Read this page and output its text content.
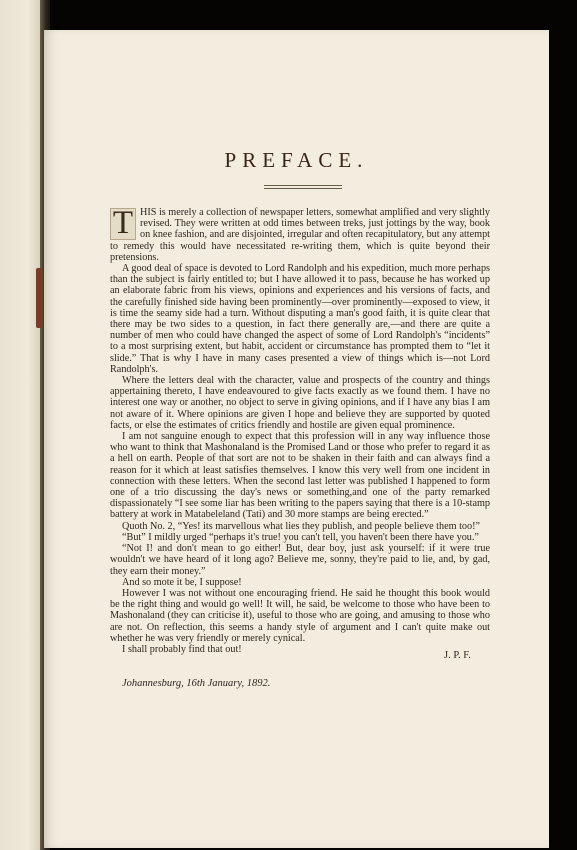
PREFACE.

T HIS is merely a collection of newspaper letters, somewhat amplified and very slightly revised. They were written at odd times between treks, just jottings by the way, book on knee fashion, and are disjointed, irregular and often recapitulatory, but any attempt to remedy this would have necessitated re-writing them, which is quite beyond their pretensions.

A good deal of space is devoted to Lord Randolph and his expedition, much more perhaps than the subject is fairly entitled to; but I have allowed it to pass, because he has worked up an elaborate fabric from his views, opinions and experiences and his versions of facts, and the carefully finished side having been prominently—over prominently—exposed to view, it is time the seamy side had a turn. Without disputing a man's good faith, it is quite clear that there may be two sides to a question, in fact there generally are,—and there are quite a number of men who could have changed the aspect of some of Lord Randolph's “incidents” to a most surprising extent, but habit, accident or circumstance has prompted them to “let it slide.” That is why I have in many cases presented a view of things which is—not Lord Randolph's.

Where the letters deal with the character, value and prospects of the country and things appertaining thereto, I have endeavoured to give facts exactly as we found them. I have no interest one way or another, no object to serve in giving opinions, and if I have any bias I am not aware of it. Where opinions are given I hope and believe they are supported by quoted facts, or else the estimates of critics friendly and hostile are given equal prominence.

I am not sanguine enough to expect that this profession will in any way influence those who want to think that Mashonaland is the Promised Land or those who prefer to regard it as a hell on earth. People of that sort are not to be shaken in their faith and can always find a reason for it which at least satisfies themselves. I know this very well from one incident in connection with these letters. When the second last letter was published I happened to form one of a trio discussing the day's news or something,and one of the party remarked dispassionately “I see some liar has been writing to the papers saying that there is a 10-stamp battery at work in Matabeleland (Tati) and 30 more stamps are being erected.”

Quoth No. 2, “Yes! its marvellous what lies they publish, and people believe them too!”

“But” I mildly urged “perhaps it's true! you can't tell, you haven't been there have you.”

“Not I! and don't mean to go either! But, dear boy, just ask yourself: if it were true wouldn't we have heard of it long ago? Believe me, sonny, they're paid to lie, and, by gad, they earn their money.”

And so mote it be, I suppose!

However I was not without one encouraging friend. He said he thought this book would be the right thing and would go well! It will, he said, be welcome to those who have been to Mashonaland (they can criticise it), useful to those who are going, and amusing to those who are not. On reflection, this seems a handy style of argument and I can't quite make out whether he was very friendly or merely cynical.

I shall probably find that out!

J. P. F.
Johannesburg, 16th January, 1892.
